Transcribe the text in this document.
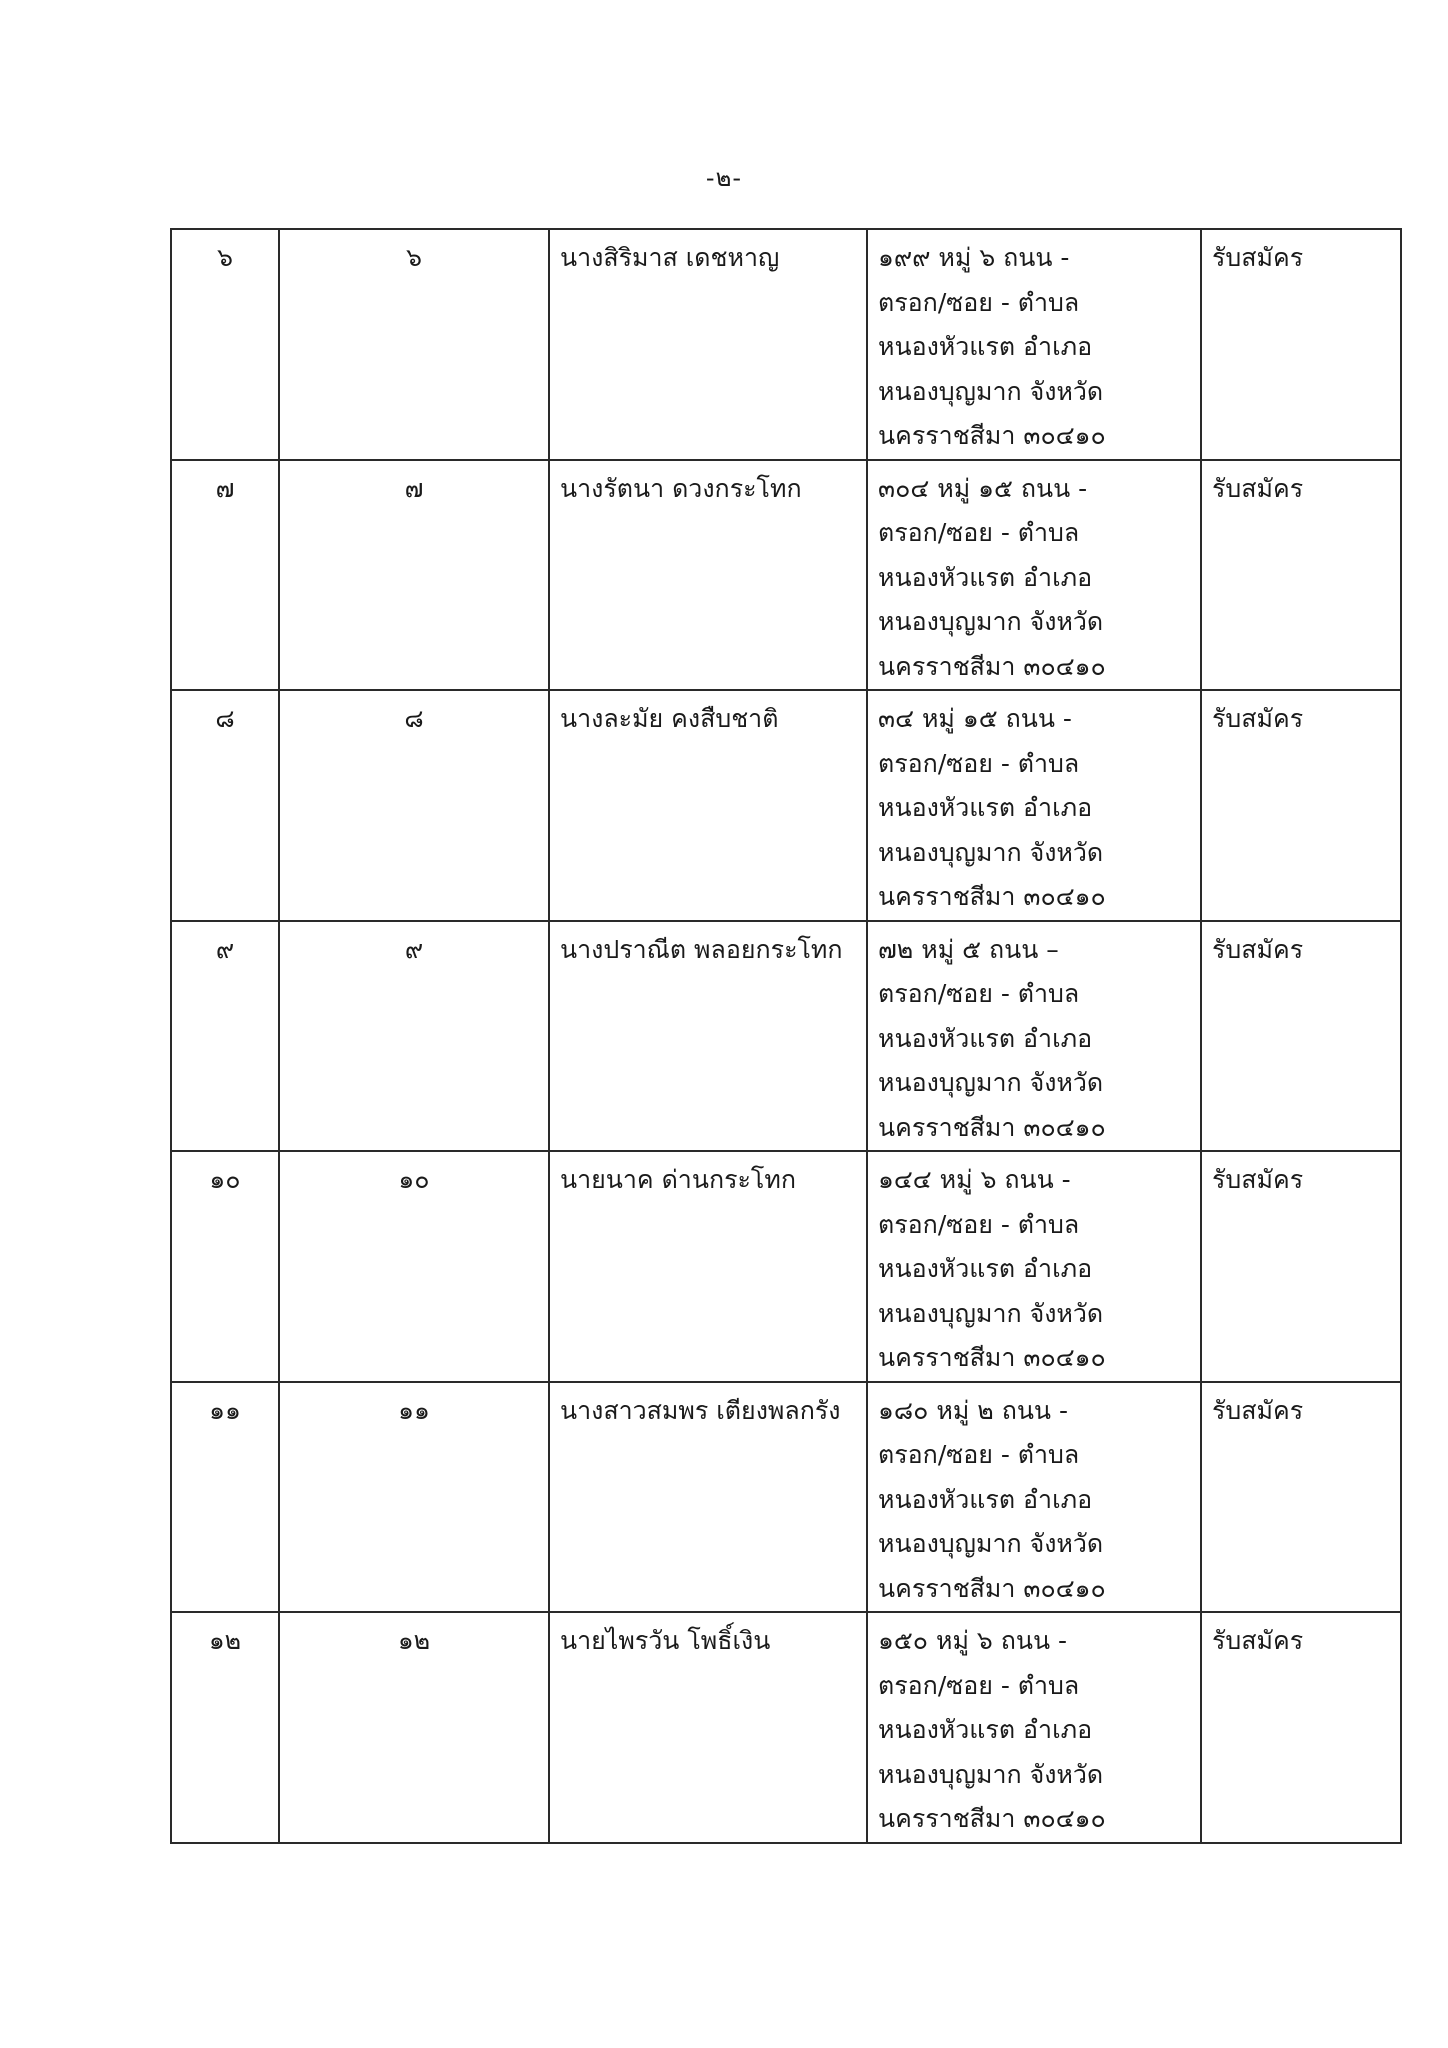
-๒-
๖	๖	นางสิริมาส เดชหาญ	๑๙๙ หมู่ ๖ ถนน -
ตรอก/ซอย - ตำบล
หนองหัวแรต อำเภอ
หนองบุญมาก จังหวัด
นครราชสีมา ๓๐๔๑๐	รับสมัคร
๗	๗	นางรัตนา ดวงกระโทก	๓๐๔ หมู่ ๑๕ ถนน -
ตรอก/ซอย - ตำบล
หนองหัวแรต อำเภอ
หนองบุญมาก จังหวัด
นครราชสีมา ๓๐๔๑๐	รับสมัคร
๘	๘	นางละมัย คงสืบชาติ	๓๔ หมู่ ๑๕ ถนน -
ตรอก/ซอย - ตำบล
หนองหัวแรต อำเภอ
หนองบุญมาก จังหวัด
นครราชสีมา ๓๐๔๑๐	รับสมัคร
๙	๙	นางปราณีต พลอยกระโทก	๗๒ หมู่ ๕ ถนน –
ตรอก/ซอย - ตำบล
หนองหัวแรต อำเภอ
หนองบุญมาก จังหวัด
นครราชสีมา ๓๐๔๑๐	รับสมัคร
๑๐	๑๐	นายนาค ด่านกระโทก	๑๔๔ หมู่ ๖ ถนน -
ตรอก/ซอย - ตำบล
หนองหัวแรต อำเภอ
หนองบุญมาก จังหวัด
นครราชสีมา ๓๐๔๑๐	รับสมัคร
๑๑	๑๑	นางสาวสมพร เตียงพลกรัง	๑๘๐ หมู่ ๒ ถนน -
ตรอก/ซอย - ตำบล
หนองหัวแรต อำเภอ
หนองบุญมาก จังหวัด
นครราชสีมา ๓๐๔๑๐	รับสมัคร
๑๒	๑๒	นายไพรวัน โพธิ์เงิน	๑๕๐ หมู่ ๖ ถนน -
ตรอก/ซอย - ตำบล
หนองหัวแรต อำเภอ
หนองบุญมาก จังหวัด
นครราชสีมา ๓๐๔๑๐	รับสมัคร
